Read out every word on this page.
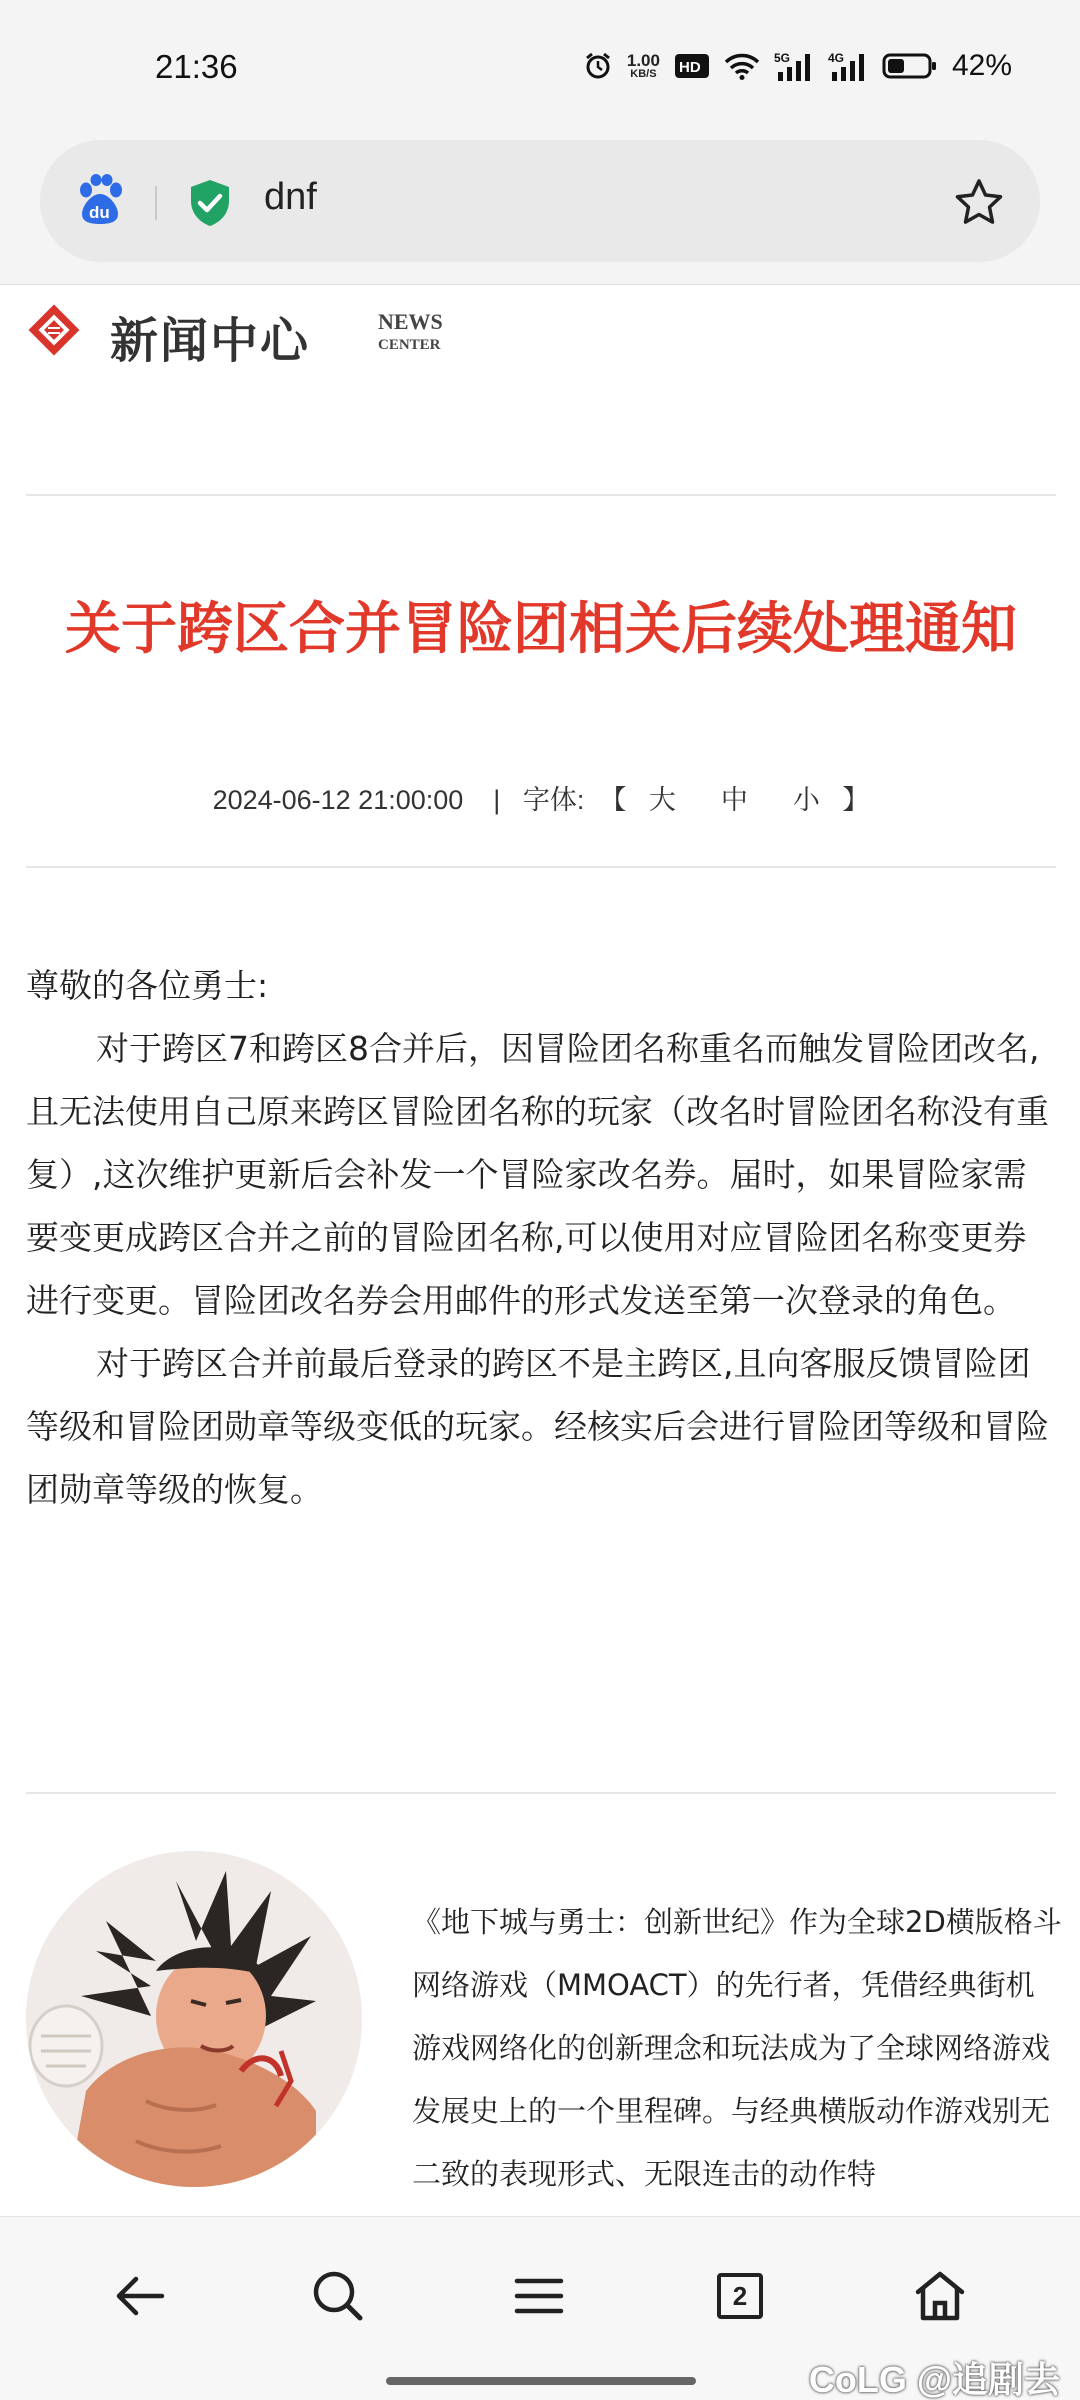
21:36	1.00
KB/S HD
5G	4G	42%
du	dnf
新闻中心	NEWS
CENTER
关于跨区合并冒险团相关后续处理通知
2024-06-12 21:00:00 | 字体: 【 大 中 小 】

尊敬的各位勇士:

对于跨区7和跨区8合并后，因冒险团名称重名而触发冒险团改名, 且无法使用自己原来跨区冒险团名称的玩家（改名时冒险团名称没有重复）,这次维护更新后会补发一个冒险家改名券。届时，如果冒险家需要变更成跨区合并之前的冒险团名称,可以使用对应冒险团名称变更券进行变更。冒险团改名券会用邮件的形式发送至第一次登录的角色。

对于跨区合并前最后登录的跨区不是主跨区,且向客服反馈冒险团等级和冒险团勋章等级变低的玩家。经核实后会进行冒险团等级和冒险团勋章等级的恢复。

《地下城与勇士：创新世纪》作为全球2D横版格斗网络游戏（MMOACT）的先行者，凭借经典街机游戏网络化的创新理念和玩法成为了全球网络游戏发展史上的一个里程碑。与经典横版动作游戏别无二致的表现形式、无限连击的动作特
2
CoLG @追剧去
